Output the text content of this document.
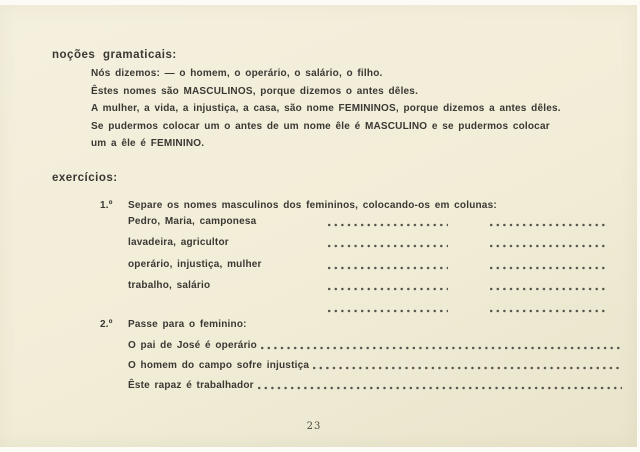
noções gramaticais:
Nós dizemos: — o homem, o operário, o salário, o filho.
Êstes nomes são MASCULINOS, porque dizemos o antes dêles.
A mulher, a vida, a injustiça, a casa, são nome FEMININOS, porque dizemos a antes dêles.
Se pudermos colocar um o antes de um nome êle é MASCULINO e se pudermos colocar
um a êle é FEMININO.
exercícios:
1.º Separe os nomes masculinos dos femininos, colocando-os em colunas:
Pedro, Maria, camponesa
lavadeira, agricultor
operário, injustiça, mulher
trabalho, salário
2.º Passe para o feminino:
O pai de José é operário
O homem do campo sofre injustiça
Êste rapaz é trabalhador
23
